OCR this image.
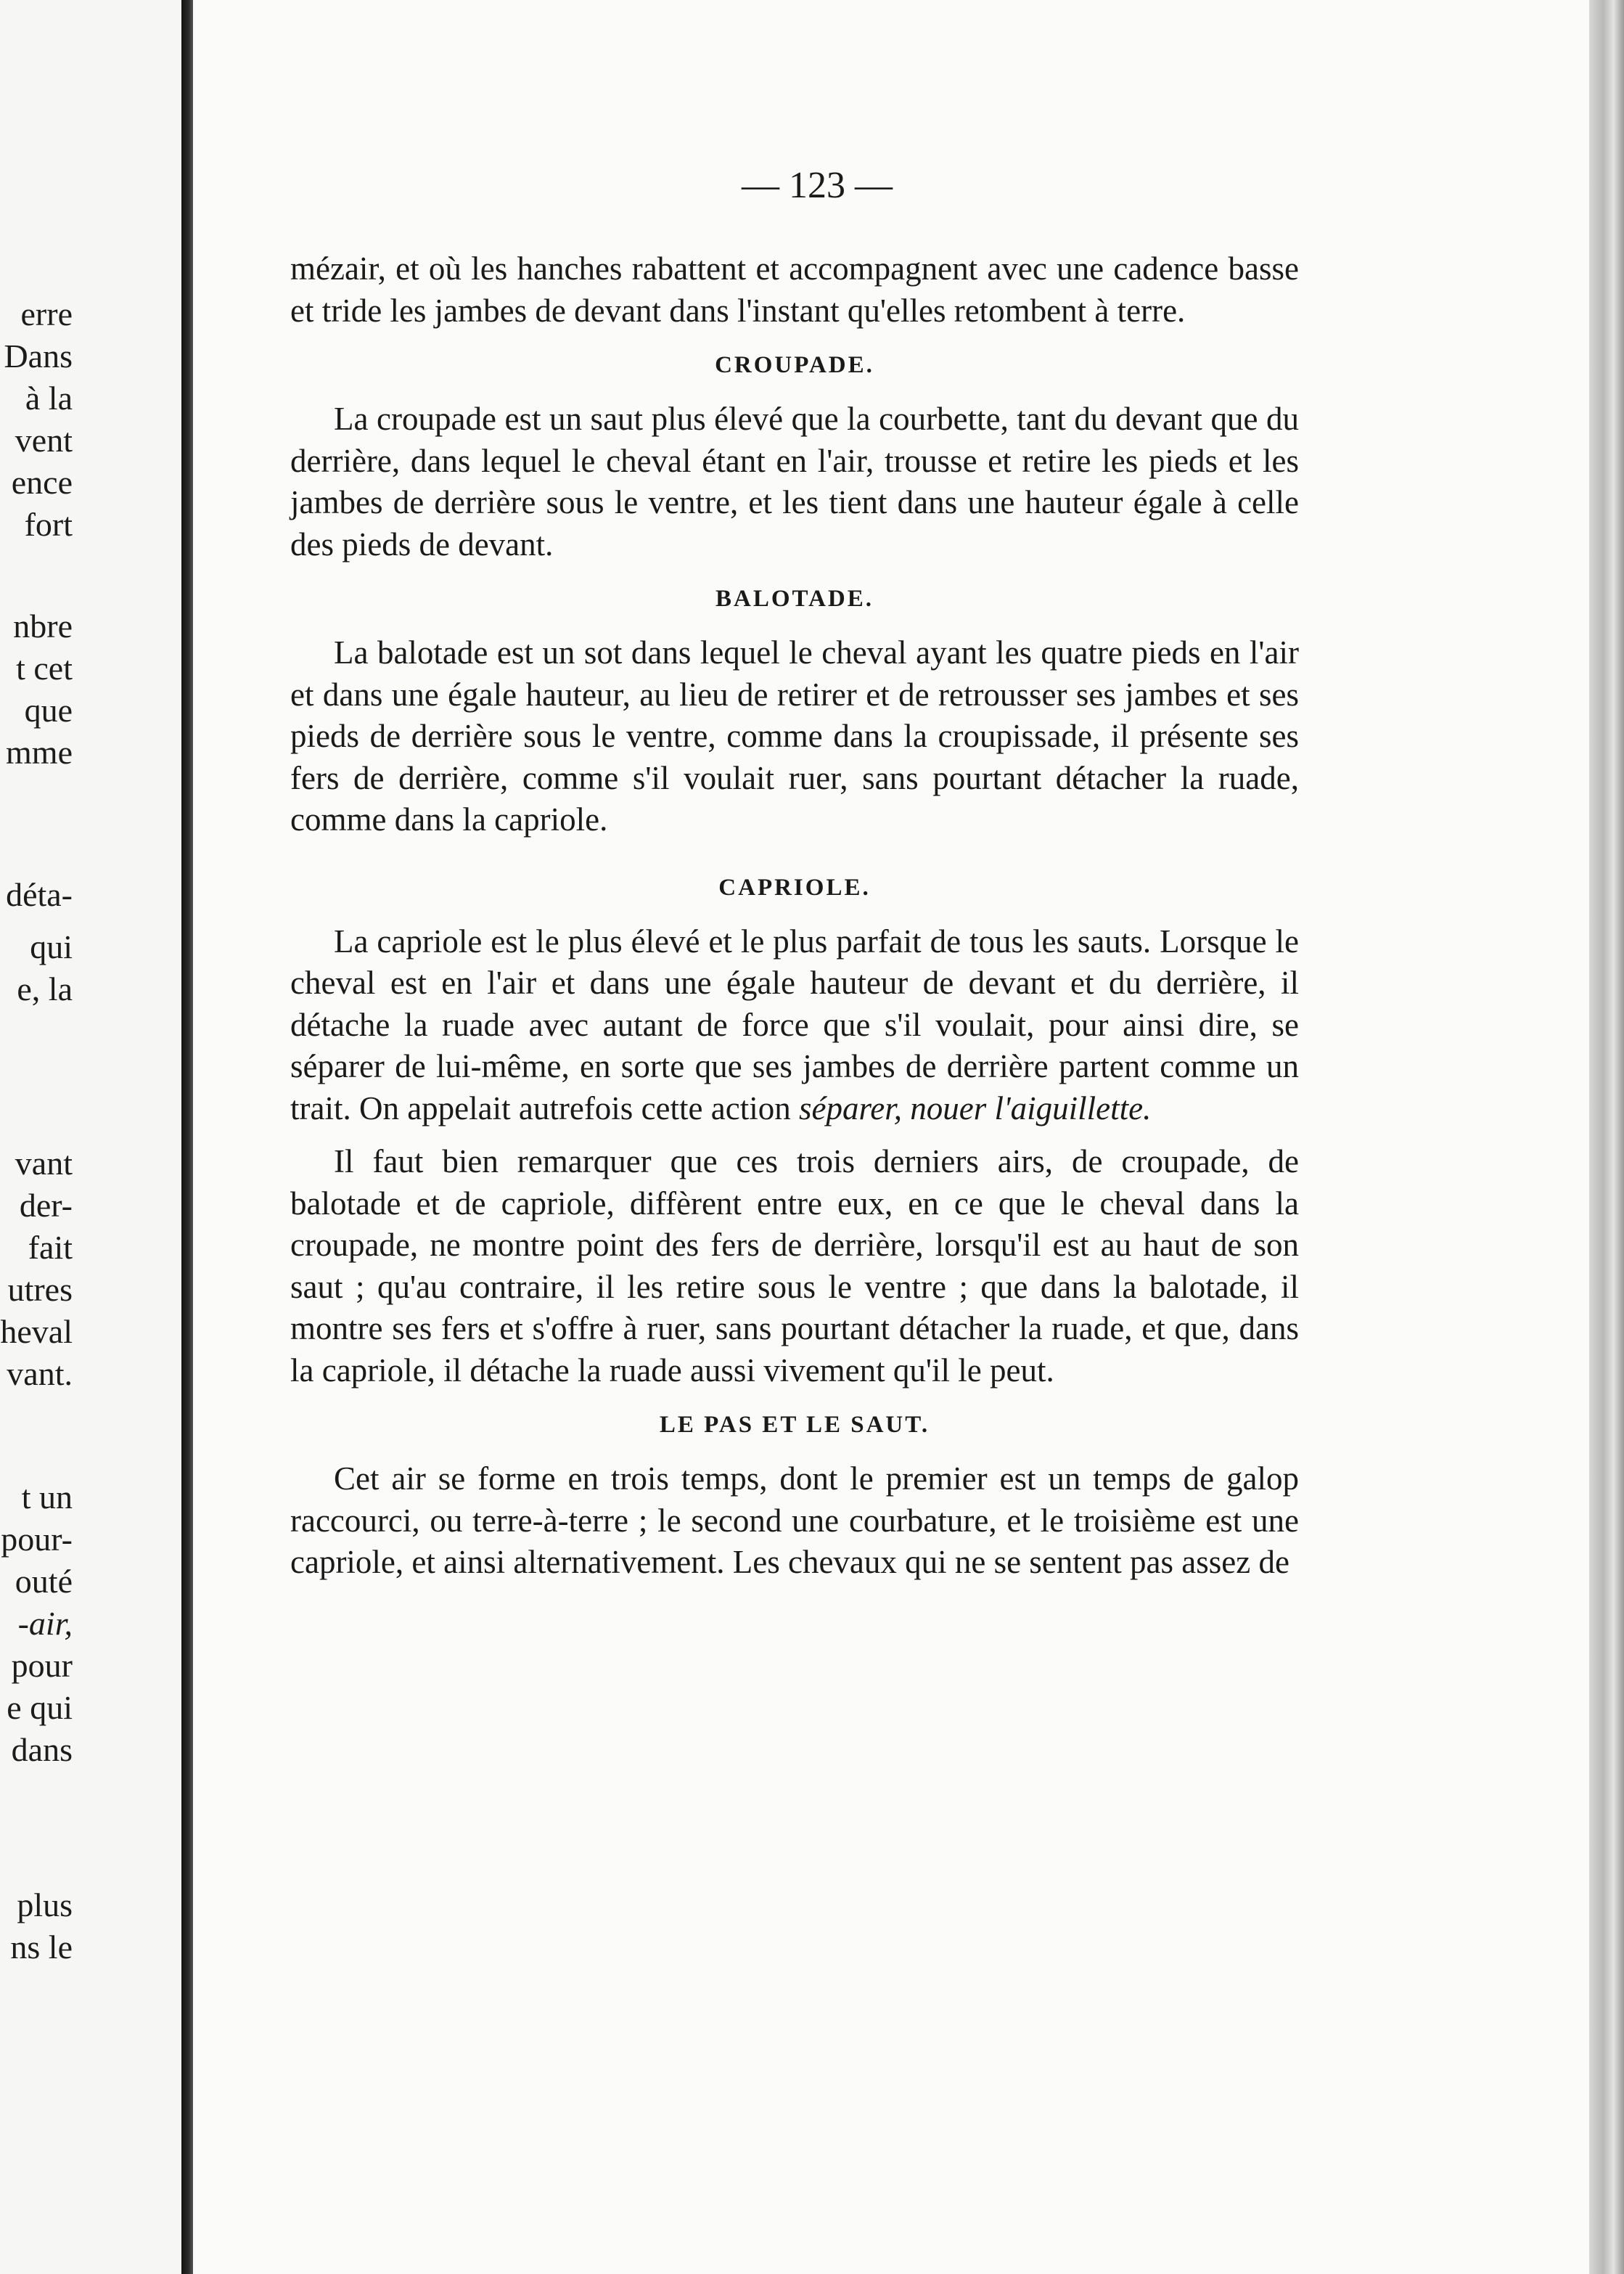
erre
Dans
à la
vent
ence
fort
nbre
t cet
que
mme
déta-
qui
e, la
vant
der-
fait
utres
heval
vant.
t un
pour-
outé
-air,
pour
e qui
dans
plus
ns le
— 123 —

mézair, et où les hanches rabattent et accompagnent avec une cadence basse et tride les jambes de devant dans l'instant qu'elles retombent à terre.

CROUPADE.

La croupade est un saut plus élevé que la courbette, tant du devant que du derrière, dans lequel le cheval étant en l'air, trousse et retire les pieds et les jambes de derrière sous le ventre, et les tient dans une hauteur égale à celle des pieds de devant.

BALOTADE.

La balotade est un sot dans lequel le cheval ayant les quatre pieds en l'air et dans une égale hauteur, au lieu de retirer et de retrousser ses jambes et ses pieds de derrière sous le ventre, comme dans la croupissade, il présente ses fers de derrière, comme s'il voulait ruer, sans pourtant détacher la ruade, comme dans la capriole.

CAPRIOLE.

La capriole est le plus élevé et le plus parfait de tous les sauts. Lorsque le cheval est en l'air et dans une égale hauteur de devant et du derrière, il détache la ruade avec autant de force que s'il voulait, pour ainsi dire, se séparer de lui-même, en sorte que ses jambes de derrière partent comme un trait. On appelait autrefois cette action séparer, nouer l'aiguillette.

Il faut bien remarquer que ces trois derniers airs, de croupade, de balotade et de capriole, diffèrent entre eux, en ce que le cheval dans la croupade, ne montre point des fers de derrière, lorsqu'il est au haut de son saut ; qu'au contraire, il les retire sous le ventre ; que dans la balotade, il montre ses fers et s'offre à ruer, sans pourtant détacher la ruade, et que, dans la capriole, il détache la ruade aussi vivement qu'il le peut.

LE PAS ET LE SAUT.

Cet air se forme en trois temps, dont le premier est un temps de galop raccourci, ou terre-à-terre ; le second une courbature, et le troisième est une capriole, et ainsi alternativement. Les chevaux qui ne se sentent pas assez de
